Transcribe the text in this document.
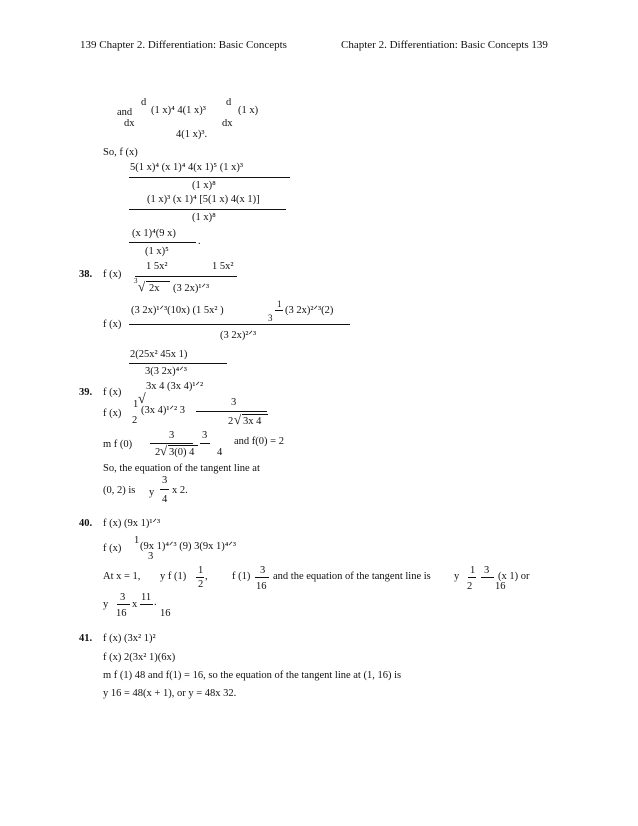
139 Chapter 2. Differentiation: Basic Concepts	Chapter 2. Differentiation: Basic Concepts 139
d
and
dx
(1 x)⁴ 4(1 x)³
d
dx
(1 x)
4(1 x)³.
So, f (x)
5(1 x)⁴ (x 1)⁴ 4(x 1)⁵ (1 x)³
(1 x)⁸
(1 x)³ (x 1)⁴ [5(1 x) 4(x 1)]
(1 x)⁸
(x 1)⁴(9 x)
.
(1 x)⁵
38. f (x)
1 5x²	1 5x²
3 √ 2x (3 2x)¹ᐟ³
(3 2x)¹ᐟ³(10x) (1 5x² )
1
3
(3 2x)²ᐟ³(2)
f (x)
(3 2x)²ᐟ³
2(25x² 45x 1)
3(3 2x)⁴ᐟ³
39. f (x)
3x 4 (3x 4)¹ᐟ²
√
f (x)
1
2
(3x 4)¹ᐟ² 3
3
2 √ 3x 4
m f (0)
3
2 √ 3(0) 4
3
4
and f(0) = 2
So, the equation of the tangent line at
(0, 2) is y
3
4
x 2.
40. f (x) (9x 1)¹ᐟ³
f (x)
1
3
(9x 1)⁴ᐟ³ (9) 3(9x 1)⁴ᐟ³
At x = 1, y f (1)
1
2
, f (1)
3
16
and the equation of the tangent line is y
1
2
3
16
(x 1) or
y
3
16
x
11
16
.
41. f (x) (3x² 1)²
f (x) 2(3x² 1)(6x)
m f (1) 48 and f(1) = 16, so the equation of the tangent line at (1, 16) is
y 16 = 48(x + 1), or y = 48x 32.
